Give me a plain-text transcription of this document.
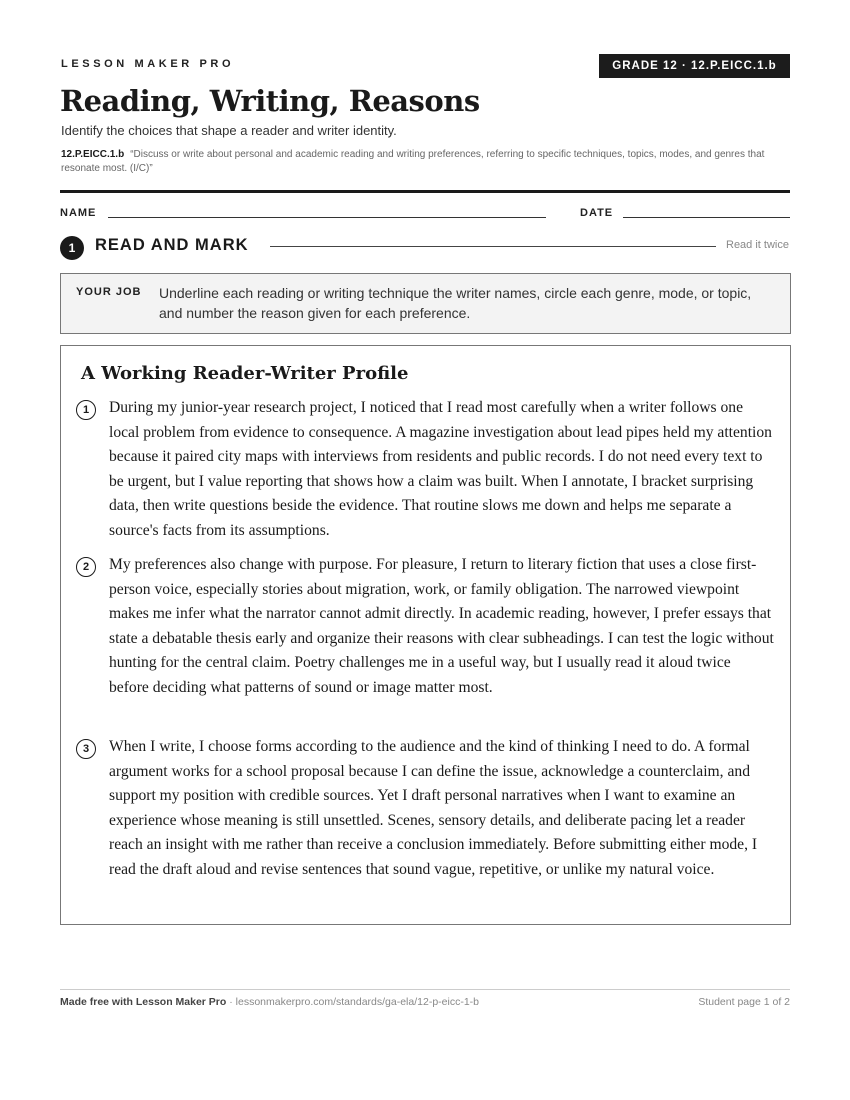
LESSON MAKER PRO	GRADE 12 · 12.P.EICC.1.b
Reading, Writing, Reasons
Identify the choices that shape a reader and writer identity.
12.P.EICC.1.b “Discuss or write about personal and academic reading and writing preferences, referring to specific techniques, topics, modes, and genres that resonate most. (I/C)”
NAME	DATE
1	READ AND MARK	Read it twice
YOUR JOB Underline each reading or writing technique the writer names, circle each genre, mode, or topic, and number the reason given for each preference.
A Working Reader-Writer Profile
1	During my junior-year research project, I noticed that I read most carefully when a writer follows one local problem from evidence to consequence. A magazine investigation about lead pipes held my attention because it paired city maps with interviews from residents and public records. I do not need every text to be urgent, but I value reporting that shows how a claim was built. When I annotate, I bracket surprising data, then write questions beside the evidence. That routine slows me down and helps me separate a source's facts from its assumptions.
2	My preferences also change with purpose. For pleasure, I return to literary fiction that uses a close first-person voice, especially stories about migration, work, or family obligation. The narrowed viewpoint makes me infer what the narrator cannot admit directly. In academic reading, however, I prefer essays that state a debatable thesis early and organize their reasons with clear subheadings. I can test the logic without hunting for the central claim. Poetry challenges me in a useful way, but I usually read it aloud twice before deciding what patterns of sound or image matter most.
3	When I write, I choose forms according to the audience and the kind of thinking I need to do. A formal argument works for a school proposal because I can define the issue, acknowledge a counterclaim, and support my position with credible sources. Yet I draft personal narratives when I want to examine an experience whose meaning is still unsettled. Scenes, sensory details, and deliberate pacing let a reader reach an insight with me rather than receive a conclusion immediately. Before submitting either mode, I read the draft aloud and revise sentences that sound vague, repetitive, or unlike my natural voice.
Made free with Lesson Maker Pro · lessonmakerpro.com/standards/ga-ela/12-p-eicc-1-b	Student page 1 of 2
